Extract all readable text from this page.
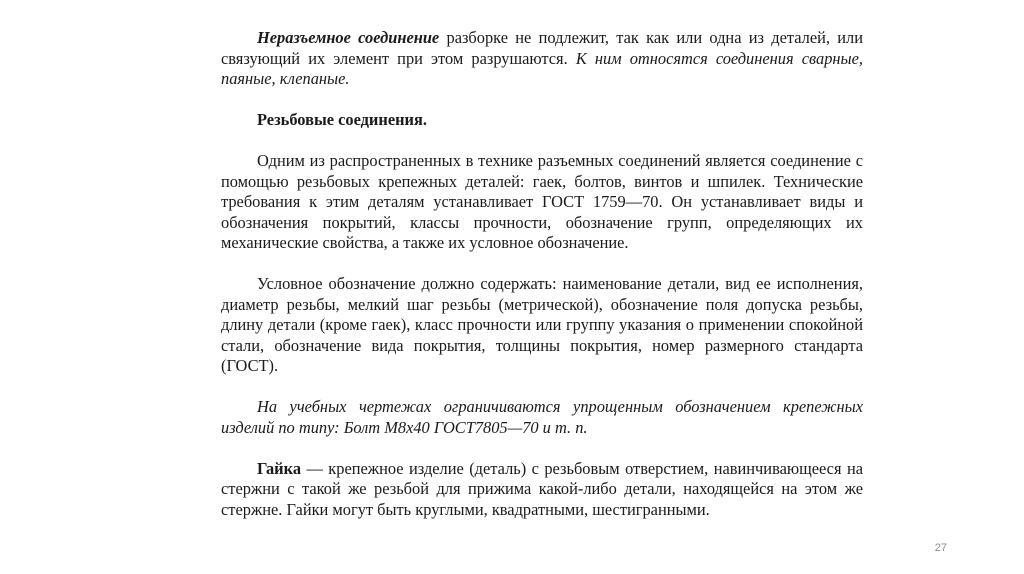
Неразъемное соединение разборке не подлежит, так как или одна из деталей, или связующий их элемент при этом разрушаются. К ним относятся соединения сварные, паяные, клепаные.

Резьбовые соединения.

Одним из распространенных в технике разъемных соединений является соединение с помощью резьбовых крепежных деталей: гаек, болтов, винтов и шпилек. Технические требования к этим деталям устанавливает ГОСТ 1759—70. Он устанавливает виды и обозначения покрытий, классы прочности, обозначение групп, определяющих их механические свойства, а также их условное обозначение.

Условное обозначение должно содержать: наименование детали, вид ее исполнения, диаметр резьбы, мелкий шаг резьбы (метрической), обозначение поля допуска резьбы, длину детали (кроме гаек), класс прочности или группу указания о применении спокойной стали, обозначение вида покрытия, толщины покрытия, номер размерного стандарта (ГОСТ).

На учебных чертежах ограничиваются упрощенным обозначением крепежных изделий по типу: Болт М8х40 ГОСТ7805—70 и т. п.

Гайка — крепежное изделие (деталь) с резьбовым отверстием, навинчивающееся на стержни с такой же резьбой для прижима какой-либо детали, находящейся на этом же стержне. Гайки могут быть круглыми, квадратными, шестигранными.

27
